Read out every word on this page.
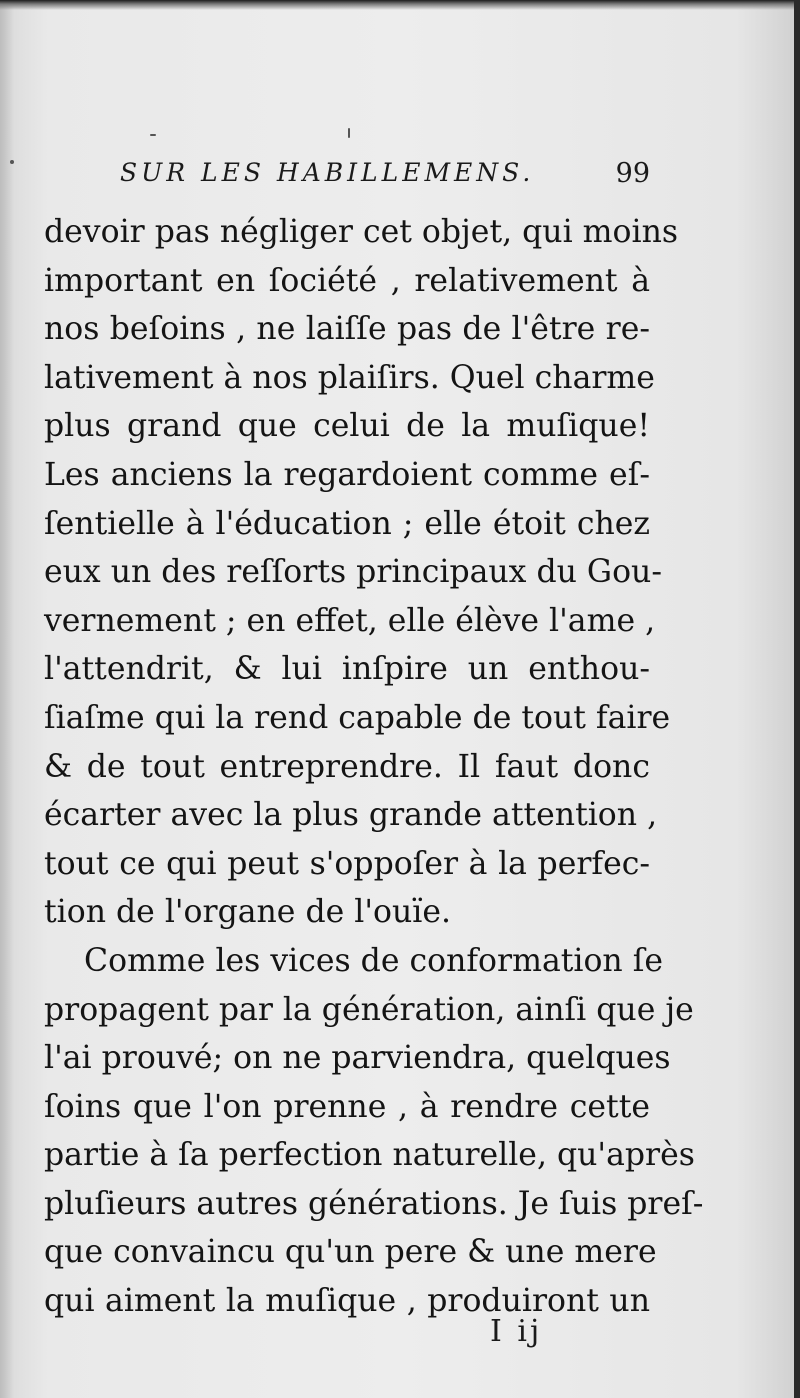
SUR LES HABILLEMENS.	99
devoir pas négliger cet objet, qui moins
important en ſociété , relativement à
nos beſoins , ne laiſſe pas de l'être re-
lativement à nos plaiſirs. Quel charme
plus grand que celui de la muſique!
Les anciens la regardoient comme eſ-
ſentielle à l'éducation ; elle étoit chez
eux un des reſſorts principaux du Gou-
vernement ; en effet, elle élève l'ame ,
l'attendrit, & lui inſpire un enthou-
ſiaſme qui la rend capable de tout faire
& de tout entreprendre. Il faut donc
écarter avec la plus grande attention ,
tout ce qui peut s'oppoſer à la perfec-
tion de l'organe de l'ouïe.
Comme les vices de conformation ſe
propagent par la génération, ainſi que je
l'ai prouvé; on ne parviendra, quelques
ſoins que l'on prenne , à rendre cette
partie à ſa perfection naturelle, qu'après
pluſieurs autres générations. Je ſuis preſ-
que convaincu qu'un pere & une mere
qui aiment la muſique , produiront un
I ij
